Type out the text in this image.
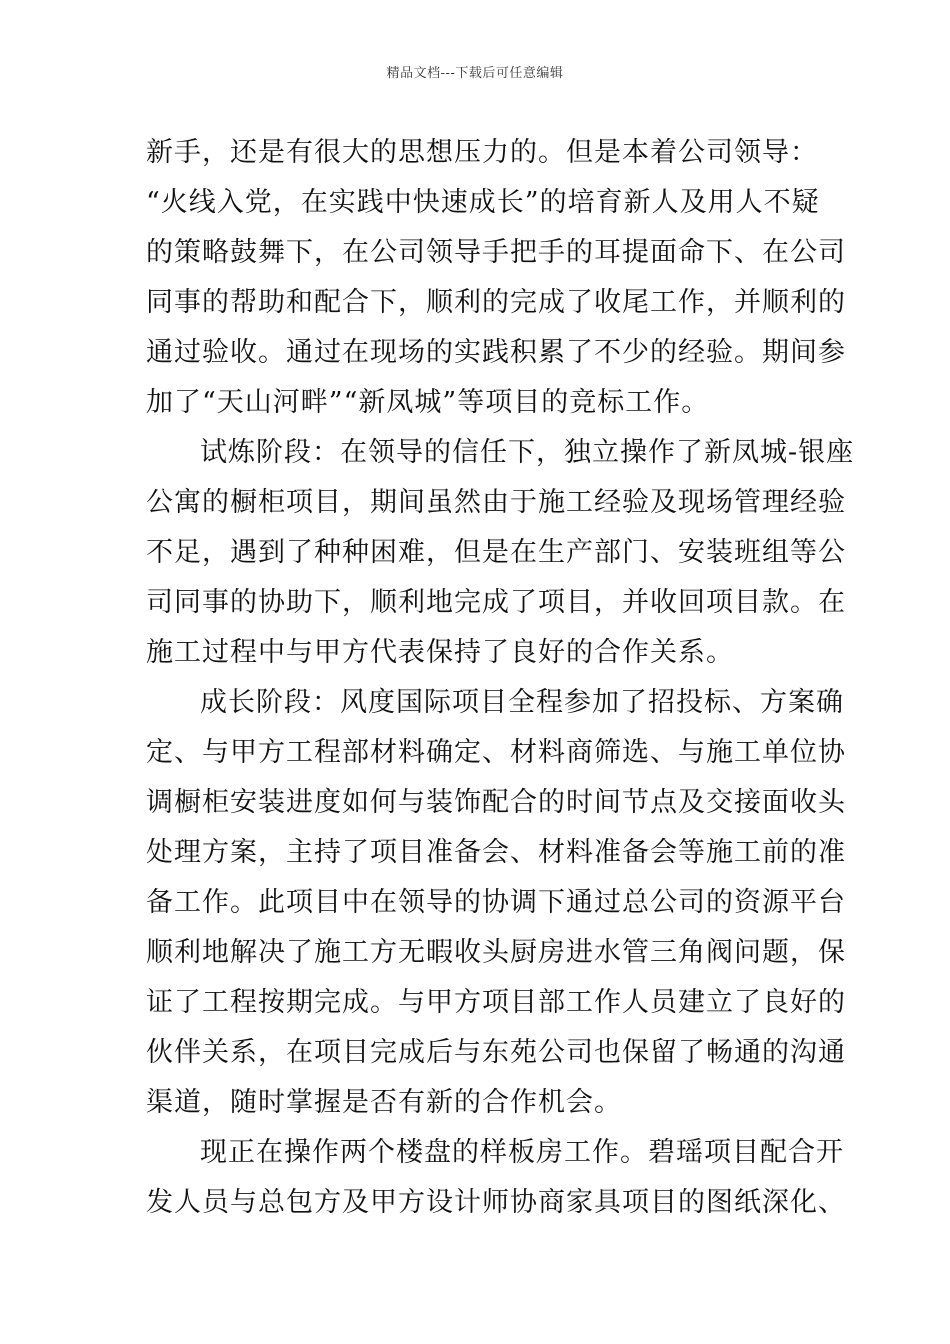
精品文档---下载后可任意编辑
新手，还是有很大的思想压力的。但是本着公司领导：
“火线入党，在实践中快速成长”的培育新人及用人不疑
的策略鼓舞下，在公司领导手把手的耳提面命下、在公司
同事的帮助和配合下，顺利的完成了收尾工作，并顺利的
通过验收。通过在现场的实践积累了不少的经验。期间参
加了“天山河畔”“新凤城”等项目的竞标工作。
试炼阶段：在领导的信任下，独立操作了新凤城-银座
公寓的橱柜项目，期间虽然由于施工经验及现场管理经验
不足，遇到了种种困难，但是在生产部门、安装班组等公
司同事的协助下，顺利地完成了项目，并收回项目款。在
施工过程中与甲方代表保持了良好的合作关系。
成长阶段：风度国际项目全程参加了招投标、方案确
定、与甲方工程部材料确定、材料商筛选、与施工单位协
调橱柜安装进度如何与装饰配合的时间节点及交接面收头
处理方案，主持了项目准备会、材料准备会等施工前的准
备工作。此项目中在领导的协调下通过总公司的资源平台
顺利地解决了施工方无暇收头厨房进水管三角阀问题，保
证了工程按期完成。与甲方项目部工作人员建立了良好的
伙伴关系，在项目完成后与东苑公司也保留了畅通的沟通
渠道，随时掌握是否有新的合作机会。
现正在操作两个楼盘的样板房工作。碧瑶项目配合开
发人员与总包方及甲方设计师协商家具项目的图纸深化、
